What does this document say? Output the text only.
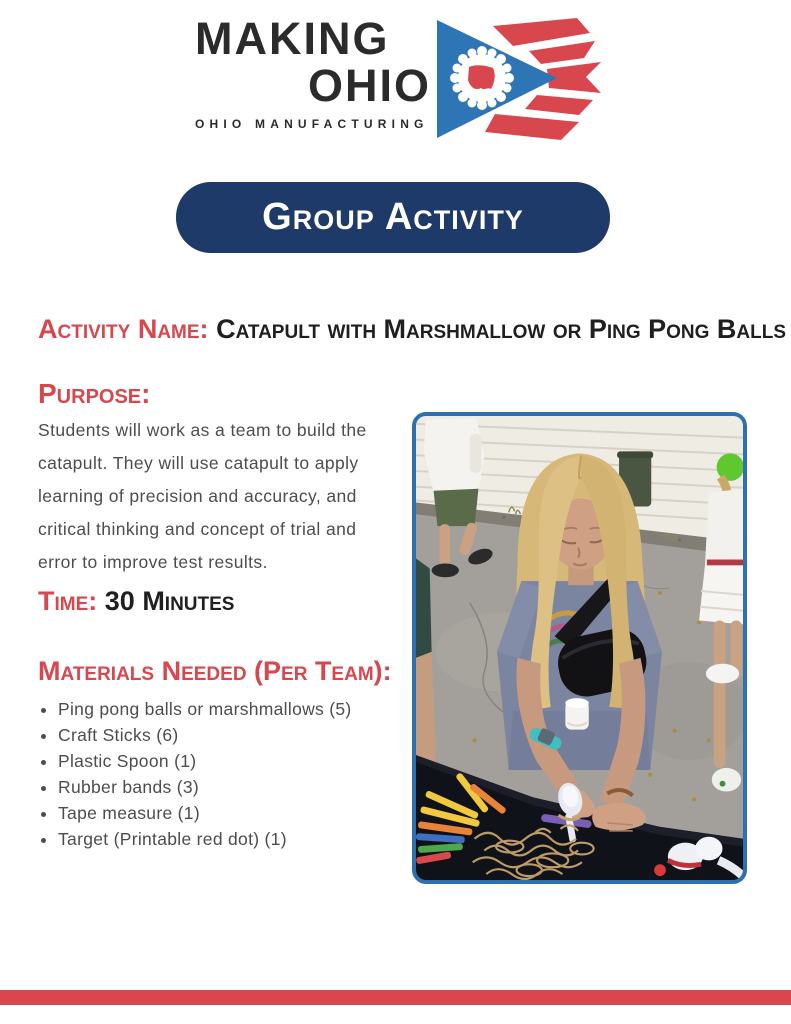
MAKING
OHIO
OHIO MANUFACTURING
Group Activity
Activity Name: Catapult with Marshmallow or Ping Pong Balls
Purpose:

Students will work as a team to build the catapult. They will use catapult to apply learning of precision and accuracy, and critical thinking and concept of trial and error to improve test results.

Time: 30 Minutes
Materials Needed (Per Team):
• Ping pong balls or marshmallows (5)
• Craft Sticks (6)
• Plastic Spoon (1)
• Rubber bands (3)
• Tape measure (1)
• Target (Printable red dot) (1)
